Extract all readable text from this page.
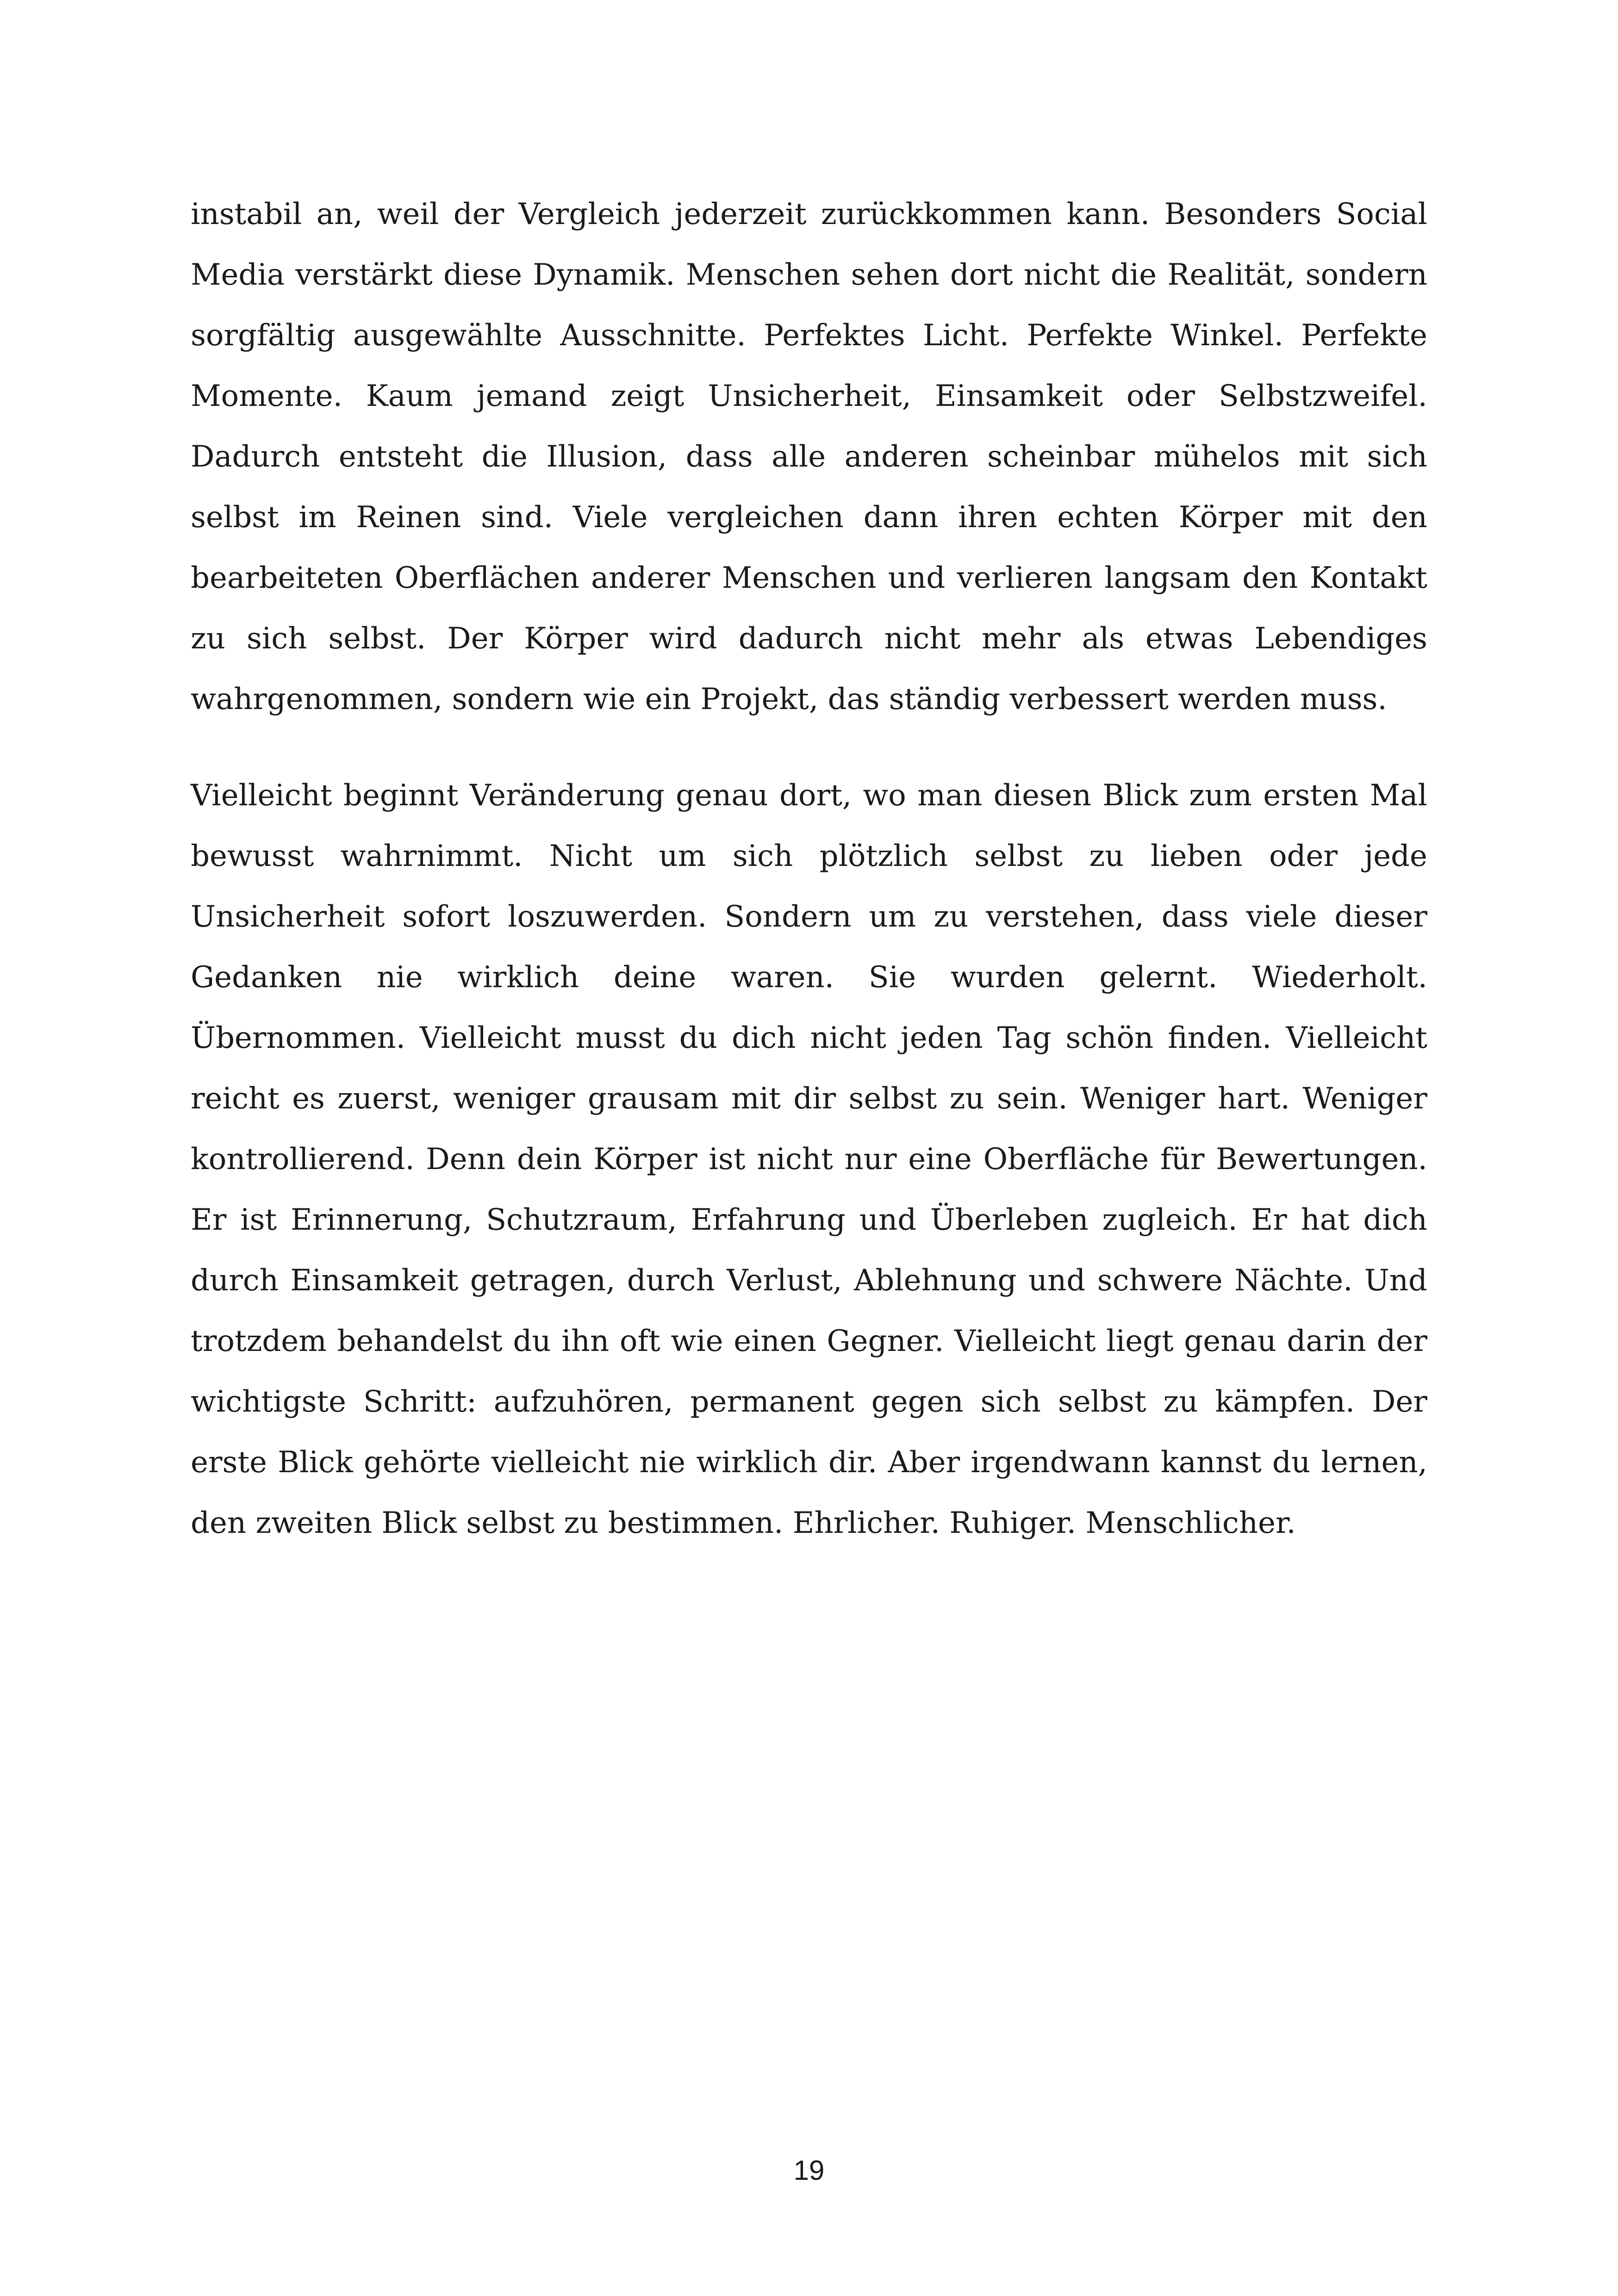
instabil an, weil der Vergleich jederzeit zurückkommen kann. Besonders Social Media verstärkt diese Dynamik. Menschen sehen dort nicht die Realität, sondern sorgfältig ausgewählte Ausschnitte. Perfektes Licht. Perfekte Winkel. Perfekte Momente. Kaum jemand zeigt Unsicherheit, Einsamkeit oder Selbstzweifel. Dadurch entsteht die Illusion, dass alle anderen scheinbar mühelos mit sich selbst im Reinen sind. Viele vergleichen dann ihren echten Körper mit den bearbeiteten Oberflächen anderer Menschen und verlieren langsam den Kontakt zu sich selbst. Der Körper wird dadurch nicht mehr als etwas Lebendiges wahrgenommen, sondern wie ein Projekt, das ständig verbessert werden muss.

Vielleicht beginnt Veränderung genau dort, wo man diesen Blick zum ersten Mal bewusst wahrnimmt. Nicht um sich plötzlich selbst zu lieben oder jede Unsicherheit sofort loszuwerden. Sondern um zu verstehen, dass viele dieser Gedanken nie wirklich deine waren. Sie wurden gelernt. Wiederholt. Übernommen. Vielleicht musst du dich nicht jeden Tag schön finden. Vielleicht reicht es zuerst, weniger grausam mit dir selbst zu sein. Weniger hart. Weniger kontrollierend. Denn dein Körper ist nicht nur eine Oberfläche für Bewertungen. Er ist Erinnerung, Schutzraum, Erfahrung und Überleben zugleich. Er hat dich durch Einsamkeit getragen, durch Verlust, Ablehnung und schwere Nächte. Und trotzdem behandelst du ihn oft wie einen Gegner. Vielleicht liegt genau darin der wichtigste Schritt: aufzuhören, permanent gegen sich selbst zu kämpfen. Der erste Blick gehörte vielleicht nie wirklich dir. Aber irgendwann kannst du lernen, den zweiten Blick selbst zu bestimmen. Ehrlicher. Ruhiger. Menschlicher.

19
